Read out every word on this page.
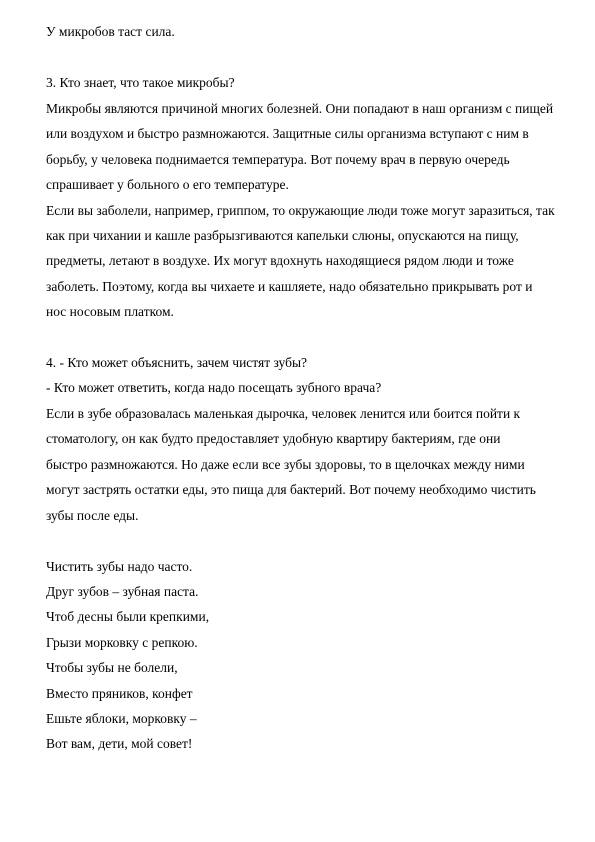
У микробов таст сила.
3. Кто знает, что такое микробы?
Микробы являются причиной многих болезней. Они попадают в наш организм с пищей
или воздухом и быстро размножаются. Защитные силы организма вступают с ним в
борьбу, у человека поднимается температура. Вот почему врач в первую очередь
спрашивает у больного о его температуре.
Если вы заболели, например, гриппом, то окружающие люди тоже могут заразиться, так
как при чихании и кашле разбрызгиваются капельки слюны, опускаются на пищу,
предметы, летают в воздухе. Их могут вдохнуть находящиеся рядом люди и тоже
заболеть. Поэтому, когда вы чихаете и кашляете, надо обязательно прикрывать рот и
нос носовым платком.
4. - Кто может объяснить, зачем чистят зубы?
- Кто может ответить, когда надо посещать зубного врача?
Если в зубе образовалась маленькая дырочка, человек ленится или боится пойти к
стоматологу, он как будто предоставляет удобную квартиру бактериям, где они
быстро размножаются. Но даже если все зубы здоровы, то в щелочках между ними
могут застрять остатки еды, это пища для бактерий. Вот почему необходимо чистить
зубы после еды.
Чистить зубы надо часто.
Друг зубов – зубная паста.
Чтоб десны были крепкими,
Грызи морковку с репкою.
Чтобы зубы не болели,
Вместо пряников, конфет
Ешьте яблоки, морковку –
Вот вам, дети, мой совет!
